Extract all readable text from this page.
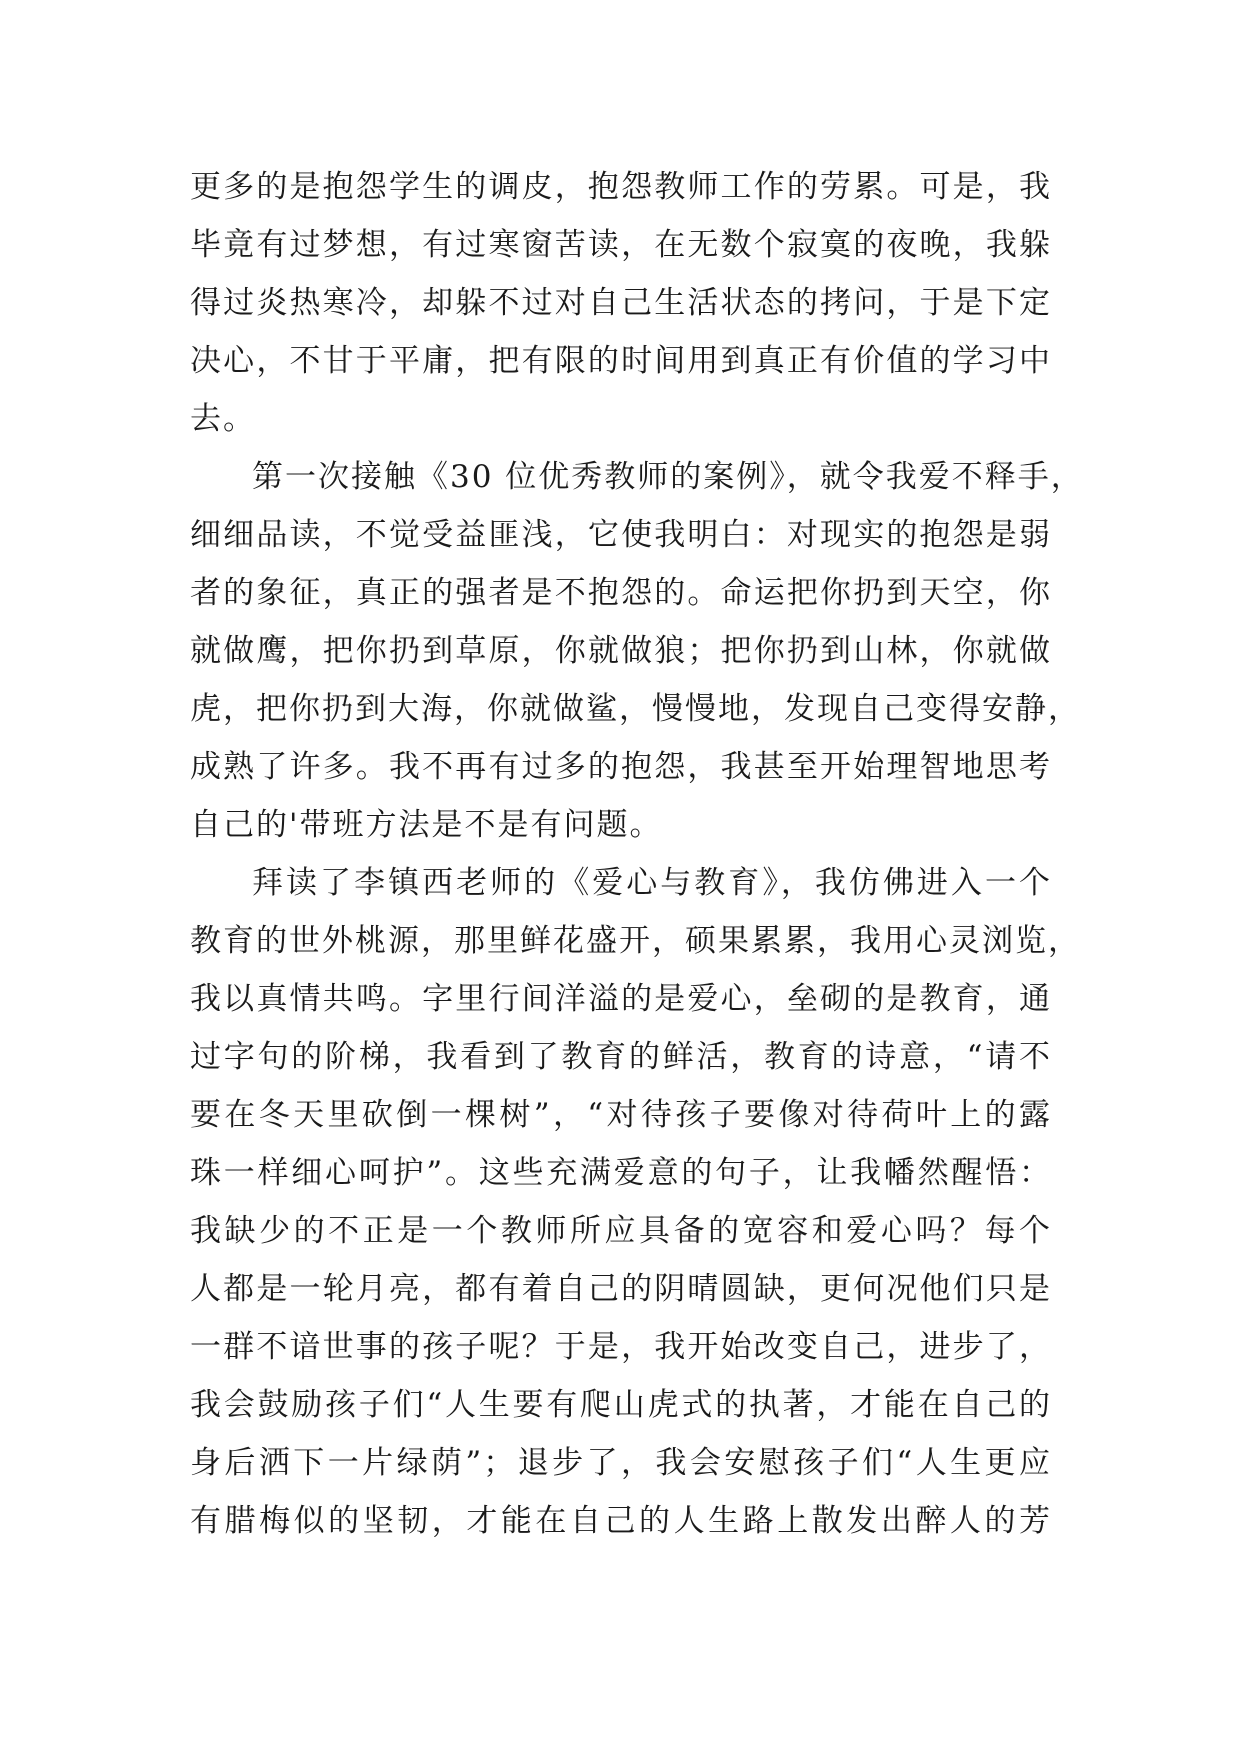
更多的是抱怨学生的调皮，抱怨教师工作的劳累。可是，我
毕竟有过梦想，有过寒窗苦读，在无数个寂寞的夜晚，我躲
得过炎热寒冷，却躲不过对自己生活状态的拷问，于是下定
决心，不甘于平庸，把有限的时间用到真正有价值的学习中
去。
第一次接触《30 位优秀教师的案例》，就令我爱不释手，
细细品读，不觉受益匪浅，它使我明白：对现实的抱怨是弱
者的象征，真正的强者是不抱怨的。命运把你扔到天空，你
就做鹰，把你扔到草原，你就做狼；把你扔到山林，你就做
虎，把你扔到大海，你就做鲨，慢慢地，发现自己变得安静，
成熟了许多。我不再有过多的抱怨，我甚至开始理智地思考
自己的'带班方法是不是有问题。
拜读了李镇西老师的《爱心与教育》，我仿佛进入一个
教育的世外桃源，那里鲜花盛开，硕果累累，我用心灵浏览，
我以真情共鸣。字里行间洋溢的是爱心，垒砌的是教育，通
过字句的阶梯，我看到了教育的鲜活，教育的诗意，“请不
要在冬天里砍倒一棵树”，“对待孩子要像对待荷叶上的露
珠一样细心呵护”。这些充满爱意的句子，让我幡然醒悟：
我缺少的不正是一个教师所应具备的宽容和爱心吗？每个
人都是一轮月亮，都有着自己的阴晴圆缺，更何况他们只是
一群不谙世事的孩子呢？于是，我开始改变自己，进步了，
我会鼓励孩子们“人生要有爬山虎式的执著，才能在自己的
身后洒下一片绿荫”；退步了，我会安慰孩子们“人生更应
有腊梅似的坚韧，才能在自己的人生路上散发出醉人的芳
